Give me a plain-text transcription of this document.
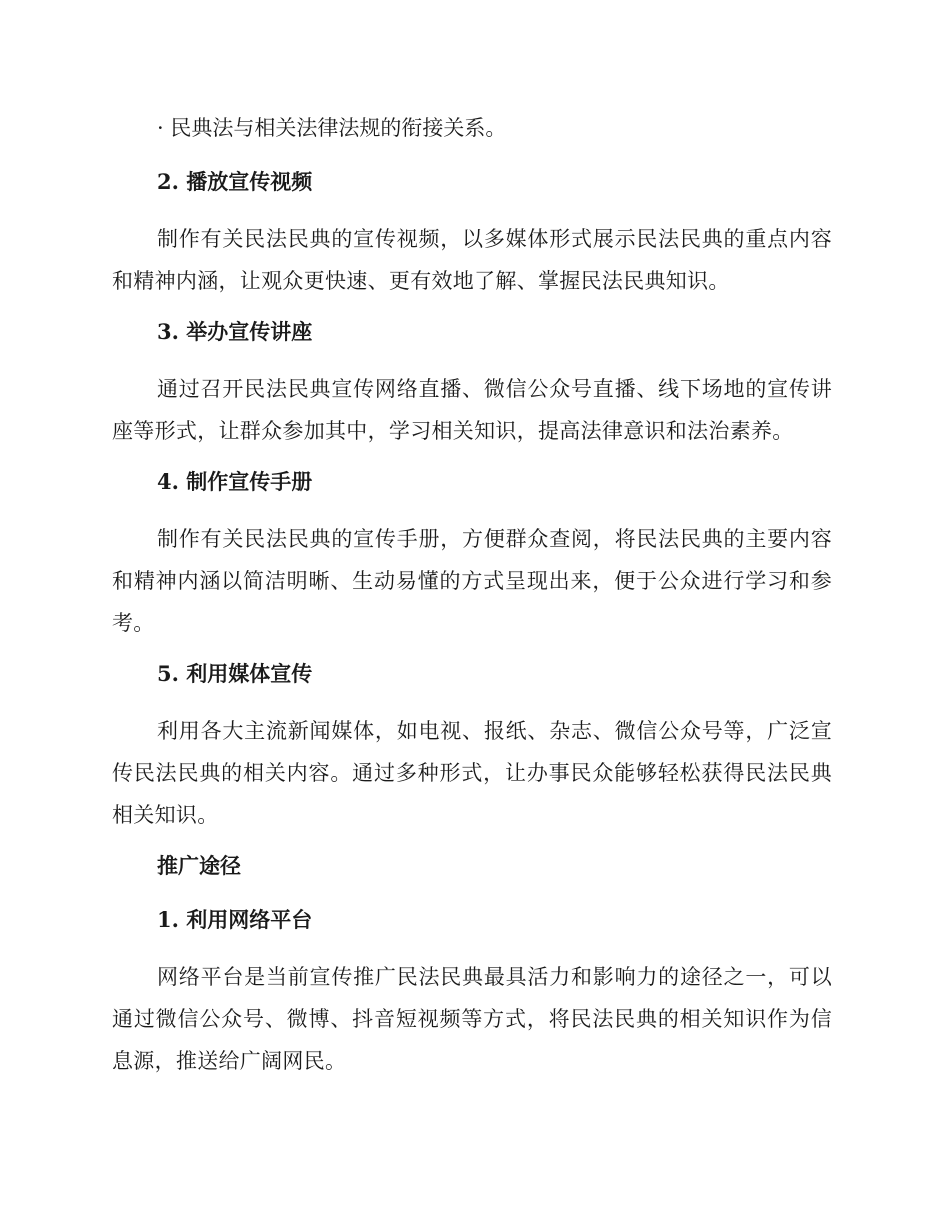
· 民典法与相关法律法规的衔接关系。

2. 播放宣传视频

制作有关民法民典的宣传视频，以多媒体形式展示民法民典的重点内容和精神内涵，让观众更快速、更有效地了解、掌握民法民典知识。

3. 举办宣传讲座

通过召开民法民典宣传网络直播、微信公众号直播、线下场地的宣传讲座等形式，让群众参加其中，学习相关知识，提高法律意识和法治素养。

4. 制作宣传手册

制作有关民法民典的宣传手册，方便群众查阅，将民法民典的主要内容和精神内涵以简洁明晰、生动易懂的方式呈现出来，便于公众进行学习和参考。

5. 利用媒体宣传

利用各大主流新闻媒体，如电视、报纸、杂志、微信公众号等，广泛宣传民法民典的相关内容。通过多种形式，让办事民众能够轻松获得民法民典相关知识。

推广途径
1. 利用网络平台

网络平台是当前宣传推广民法民典最具活力和影响力的途径之一，可以通过微信公众号、微博、抖音短视频等方式，将民法民典的相关知识作为信息源，推送给广阔网民。
